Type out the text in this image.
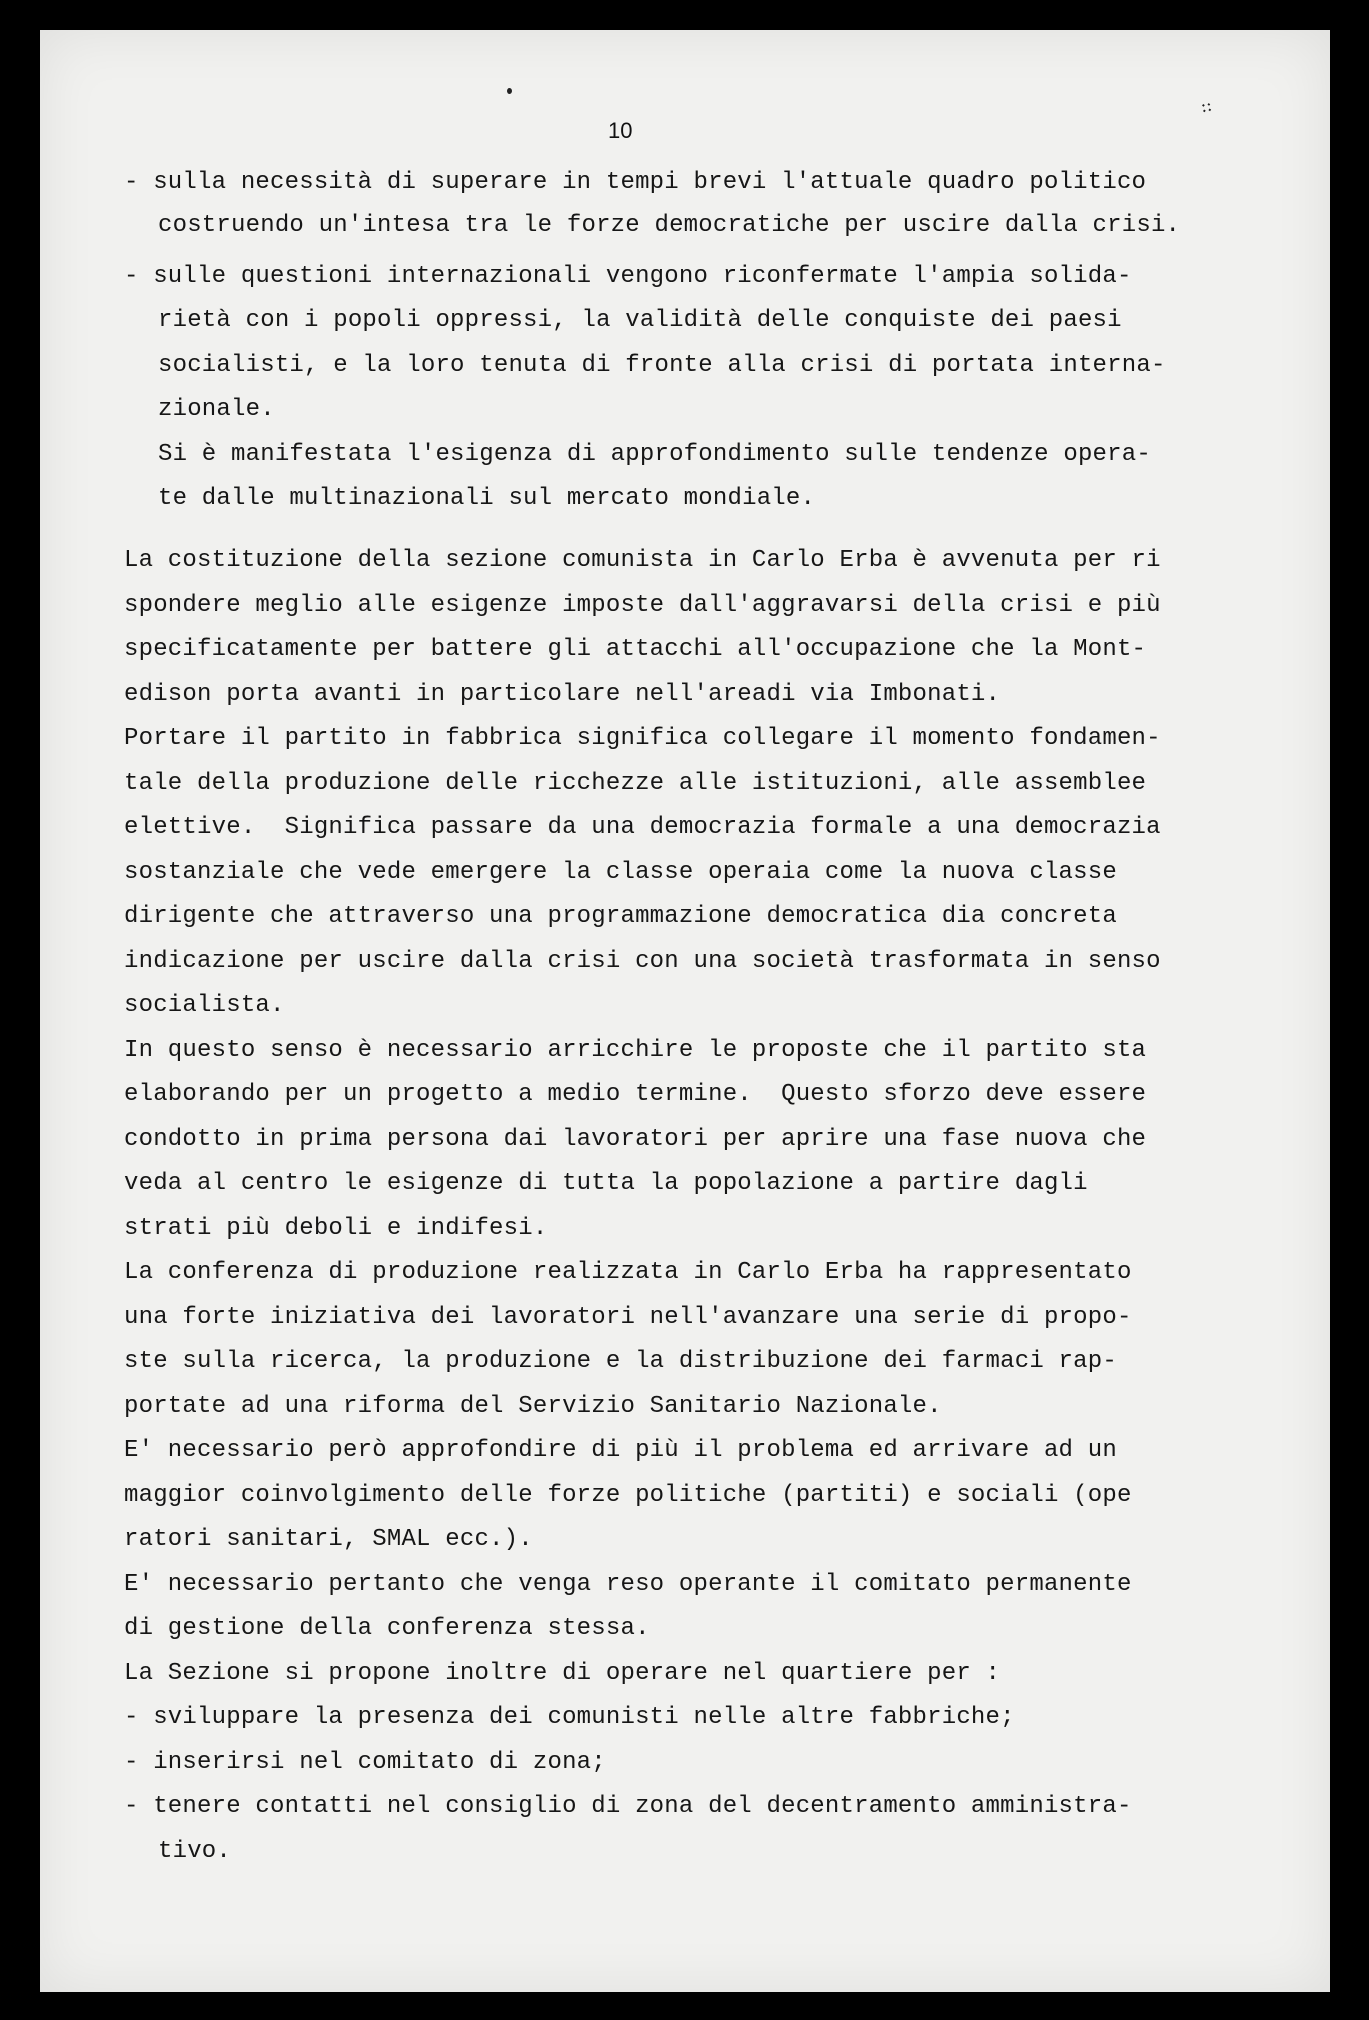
10
⁘

- sulla necessità di superare in tempi brevi l'attuale quadro politico

costruendo un'intesa tra le forze democratiche per uscire dalla crisi.

- sulle questioni internazionali vengono riconfermate l'ampia solida-

rietà con i popoli oppressi, la validità delle conquiste dei paesi

socialisti, e la loro tenuta di fronte alla crisi di portata interna-

zionale.

Si è manifestata l'esigenza di approfondimento sulle tendenze opera-

te dalle multinazionali sul mercato mondiale.

La costituzione della sezione comunista in Carlo Erba è avvenuta per ri

spondere meglio alle esigenze imposte dall'aggravarsi della crisi e più

specificatamente per battere gli attacchi all'occupazione che la Mont-

edison porta avanti in particolare nell'areadi via Imbonati.

Portare il partito in fabbrica significa collegare il momento fondamen-

tale della produzione delle ricchezze alle istituzioni, alle assemblee

elettive.  Significa passare da una democrazia formale a una democrazia

sostanziale che vede emergere la classe operaia come la nuova classe

dirigente che attraverso una programmazione democratica dia concreta

indicazione per uscire dalla crisi con una società trasformata in senso

socialista.

In questo senso è necessario arricchire le proposte che il partito sta

elaborando per un progetto a medio termine.  Questo sforzo deve essere

condotto in prima persona dai lavoratori per aprire una fase nuova che

veda al centro le esigenze di tutta la popolazione a partire dagli

strati più deboli e indifesi.

La conferenza di produzione realizzata in Carlo Erba ha rappresentato

una forte iniziativa dei lavoratori nell'avanzare una serie di propo-

ste sulla ricerca, la produzione e la distribuzione dei farmaci rap-

portate ad una riforma del Servizio Sanitario Nazionale.

E' necessario però approfondire di più il problema ed arrivare ad un

maggior coinvolgimento delle forze politiche (partiti) e sociali (ope

ratori sanitari, SMAL ecc.).

E' necessario pertanto che venga reso operante il comitato permanente

di gestione della conferenza stessa.

La Sezione si propone inoltre di operare nel quartiere per :

- sviluppare la presenza dei comunisti nelle altre fabbriche;

- inserirsi nel comitato di zona;

- tenere contatti nel consiglio di zona del decentramento amministra-

tivo.
